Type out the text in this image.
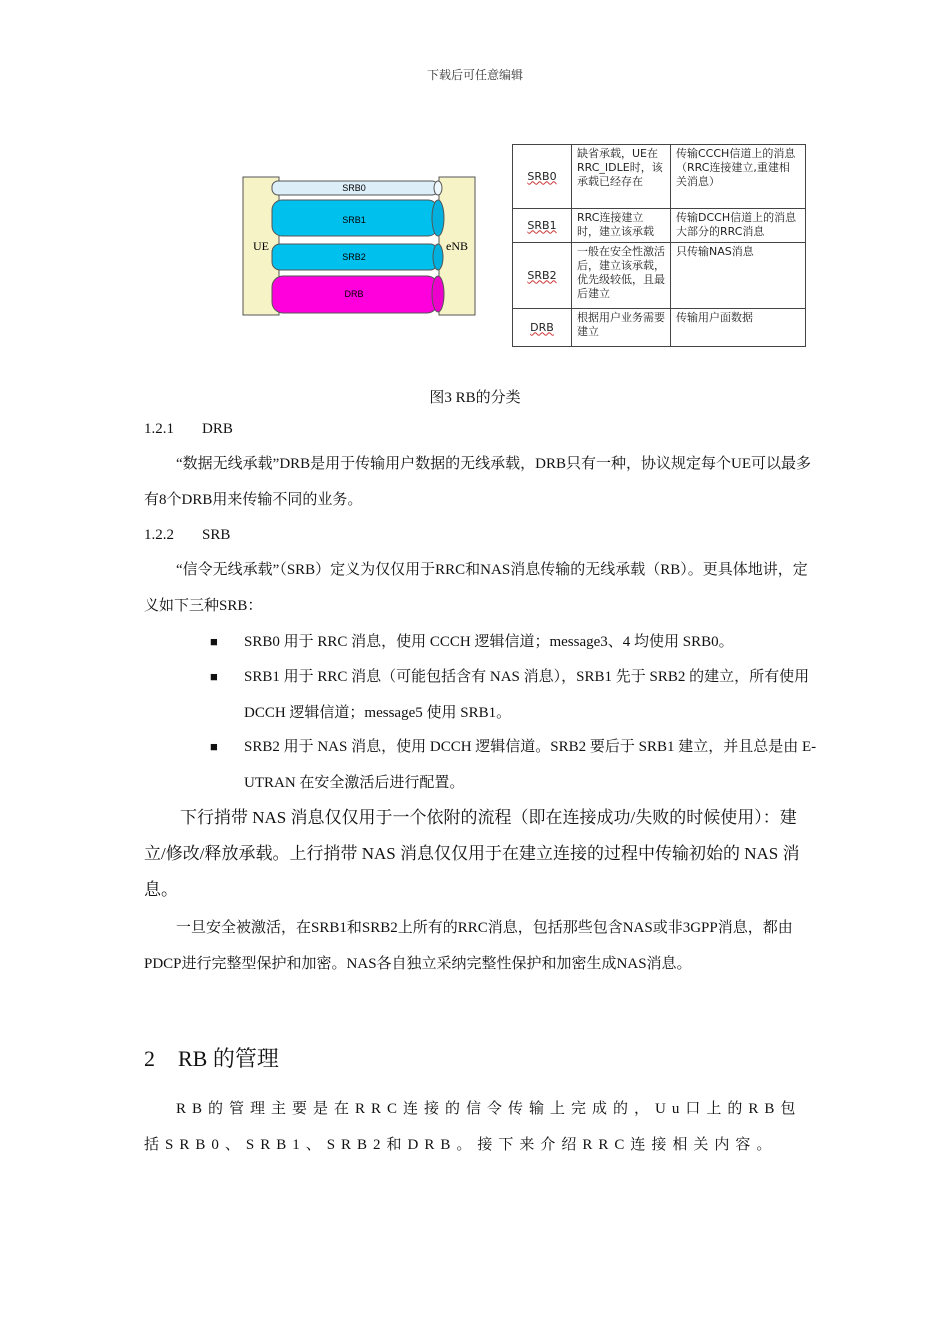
下载后可任意编辑
UE	eNB
SRB0
SRB1
SRB2
DRB
SRB0	缺省承载，UE在RRC_IDLE时，该承载已经存在	传输CCCH信道上的消息（RRC连接建立,重建相关消息）
SRB1	RRC连接建立时，建立该承载	传输DCCH信道上的消息大部分的RRC消息
SRB2	一般在安全性激活后，建立该承载，优先级较低，且最后建立	只传输NAS消息
DRB	根据用户业务需要建立	传输用户面数据
图3 RB的分类
1.2.1 DRB
“数据无线承载”DRB是用于传输用户数据的无线承载，DRB只有一种，协议规定每个UE可以最多有8个DRB用来传输不同的业务。
1.2.2 SRB
“信令无线承载”（SRB）定义为仅仅用于RRC和NAS消息传输的无线承载（RB）。更具体地讲，定义如下三种SRB：
■ SRB0 用于 RRC 消息，使用 CCCH 逻辑信道；message3、4 均使用 SRB0。
■ SRB1 用于 RRC 消息（可能包括含有 NAS 消息），SRB1 先于 SRB2 的建立，所有使用 DCCH 逻辑信道；message5 使用 SRB1。
■ SRB2 用于 NAS 消息，使用 DCCH 逻辑信道。SRB2 要后于 SRB1 建立，并且总是由 E-UTRAN 在安全激活后进行配置。
下行捎带 NAS 消息仅仅用于一个依附的流程（即在连接成功/失败的时候使用）：建立/修改/释放承载。上行捎带 NAS 消息仅仅用于在建立连接的过程中传输初始的 NAS 消息。
一旦安全被激活，在SRB1和SRB2上所有的RRC消息，包括那些包含NAS或非3GPP消息，都由PDCP进行完整型保护和加密。NAS各自独立采纳完整性保护和加密生成NAS消息。
2 RB 的管理
RB的管理主要是在RRC连接的信令传输上完成的，Uu口上的RB包括SRB0、SRB1、SRB2和DRB。接下来介绍RRC连接相关内容。
